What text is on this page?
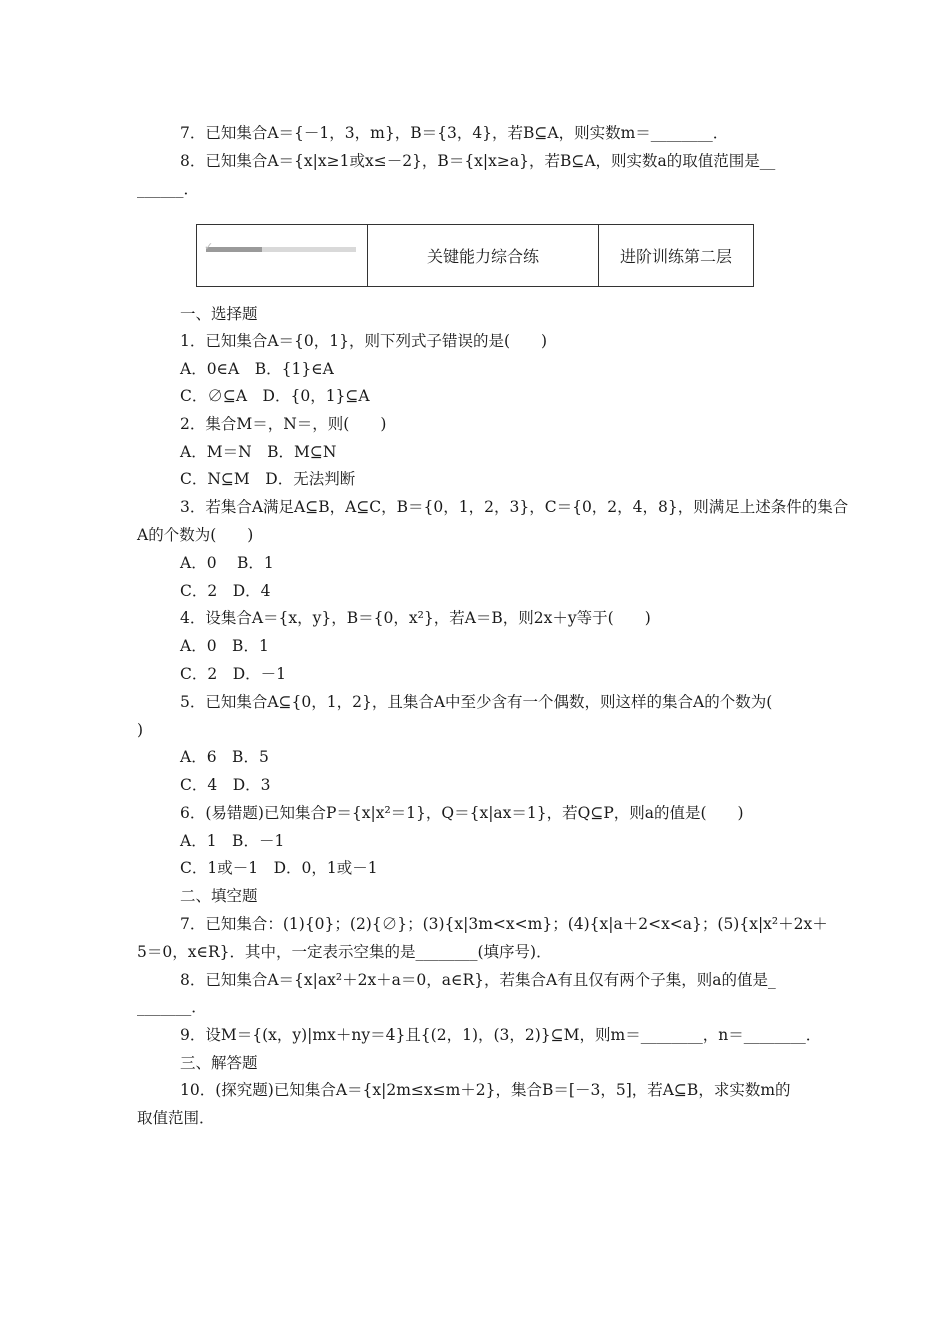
7．已知集合A＝{－1，3，m}，B＝{3，4}，若B⊆A，则实数m＝________．
8．已知集合A＝{x|x≥1或x≤－2}，B＝{x|x≥a}，若B⊆A，则实数a的取值范围是__
______．
✓
关键能力综合练	进阶训练第二层
一、选择题
1．已知集合A＝{0，1}，则下列式子错误的是(　　)
A．0∈A　B．{1}∈A
C．∅⊆A　D．{0，1}⊆A
2．集合M＝，N＝，则(　　)
A．M＝N　B．M⊆N
C．N⊆M　D．无法判断
3．若集合A满足A⊆B，A⊆C，B＝{0，1，2，3}，C＝{0，2，4，8}，则满足上述条件的集合
A的个数为(　　)
A．0　 B．1
C．2　D．4
4．设集合A＝{x，y}，B＝{0，x²}，若A＝B，则2x＋y等于(　　)
A．0　B．1
C．2　D．－1
5．已知集合A⊆{0，1，2}，且集合A中至少含有一个偶数，则这样的集合A的个数为(
)
A．6　B．5
C．4　D．3
6．(易错题)已知集合P＝{x|x²＝1}，Q＝{x|ax＝1}，若Q⊆P，则a的值是(　　)
A．1　B．－1
C．1或－1　D．0，1或－1
二、填空题
7．已知集合：(1){0}；(2){∅}；(3){x|3m<x<m}；(4){x|a＋2<x<a}；(5){x|x²＋2x＋
5＝0，x∈R}．其中，一定表示空集的是________(填序号)．
8．已知集合A＝{x|ax²＋2x＋a＝0，a∈R}，若集合A有且仅有两个子集，则a的值是_
_______．
9．设M＝{(x，y)|mx＋ny＝4}且{(2，1)，(3，2)}⊆M，则m＝________，n＝________．
三、解答题
10．(探究题)已知集合A＝{x|2m≤x≤m＋2}，集合B＝[－3，5]，若A⊆B，求实数m的
取值范围．
